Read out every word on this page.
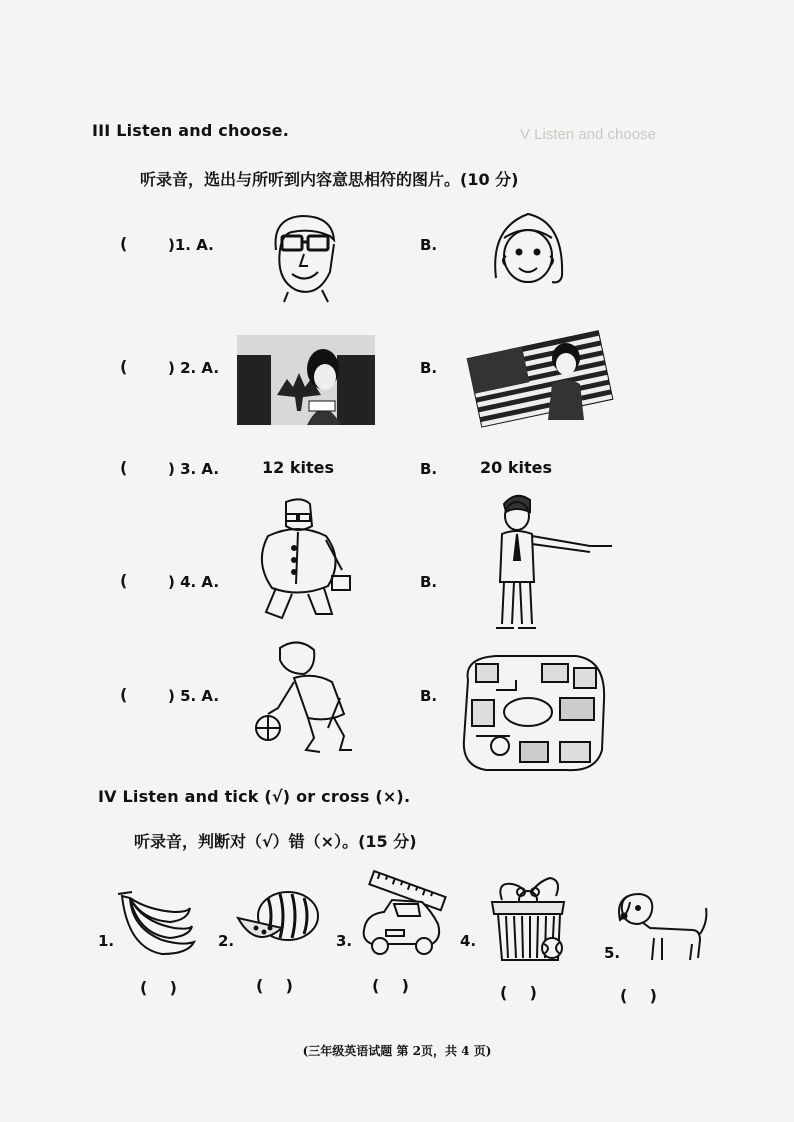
V Listen and choose
III Listen and choose.
听录音，选出与所听到内容意思相符的图片。(10 分)
(	)1. A.	B.
(	) 2. A.	B.
(	) 3. A.	12 kites	B.	20 kites
(	) 4. A.	B.
(	) 5. A.	B.
IV Listen and tick (√) or cross (×).
听录音，判断对（√）错（×）。(15 分)
1.
(    )
2.
(    )
3.
(    )
4.
(    )
5.
(    )
(三年级英语试题 第 2页，共 4 页)
